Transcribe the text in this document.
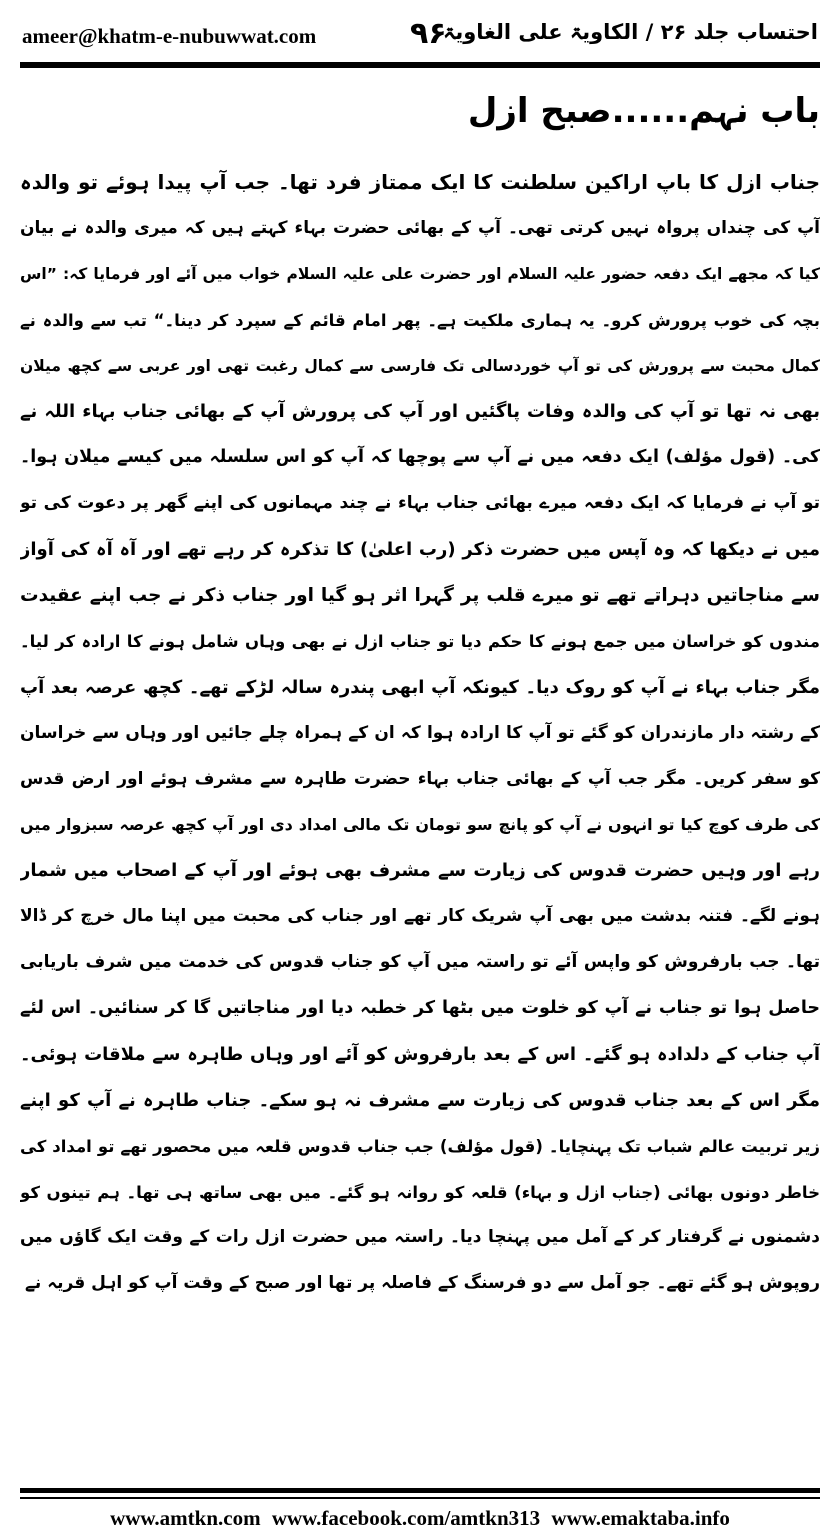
ameer@khatm-e-nubuwwat.com	۹۶
احتساب جلد ۲۶ / الکاویۃ علی الغاویۃ
باب نہم......صبح ازل
جناب ازل کا باپ اراکین سلطنت کا ایک ممتاز فرد تھا۔ جب آپ پیدا ہوئے تو والدہ
آپ کی چنداں پرواہ نہیں کرتی تھی۔ آپ کے بھائی حضرت بہاء کہتے ہیں کہ میری والدہ نے بیان
کیا کہ مجھے ایک دفعہ حضور علیہ السلام اور حضرت علی علیہ السلام خواب میں آئے اور فرمایا کہ: ”اس
بچہ کی خوب پرورش کرو۔ یہ ہماری ملکیت ہے۔ پھر امام قائم کے سپرد کر دینا۔“ تب سے والدہ نے
کمال محبت سے پرورش کی تو آپ خوردسالی تک فارسی سے کمال رغبت تھی اور عربی سے کچھ میلان
بھی نہ تھا تو آپ کی والدہ وفات پاگئیں اور آپ کی پرورش آپ کے بھائی جناب بہاء اللہ نے
کی۔ (قول مؤلف) ایک دفعہ میں نے آپ سے پوچھا کہ آپ کو اس سلسلہ میں کیسے میلان ہوا۔
تو آپ نے فرمایا کہ ایک دفعہ میرے بھائی جناب بہاء نے چند مہمانوں کی اپنے گھر پر دعوت کی تو
میں نے دیکھا کہ وہ آپس میں حضرت ذکر (رب اعلیٰ) کا تذکرہ کر رہے تھے اور آہ آہ کی آواز
سے مناجاتیں دہراتے تھے تو میرے قلب پر گہرا اثر ہو گیا اور جناب ذکر نے جب اپنے عقیدت
مندوں کو خراسان میں جمع ہونے کا حکم دیا تو جناب ازل نے بھی وہاں شامل ہونے کا ارادہ کر لیا۔
مگر جناب بہاء نے آپ کو روک دیا۔ کیونکہ آپ ابھی پندرہ سالہ لڑکے تھے۔ کچھ عرصہ بعد آپ
کے رشتہ دار مازندران کو گئے تو آپ کا ارادہ ہوا کہ ان کے ہمراہ چلے جائیں اور وہاں سے خراسان
کو سفر کریں۔ مگر جب آپ کے بھائی جناب بہاء حضرت طاہرہ سے مشرف ہوئے اور ارض قدس
کی طرف کوچ کیا تو انہوں نے آپ کو پانچ سو تومان تک مالی امداد دی اور آپ کچھ عرصہ سبزوار میں
رہے اور وہیں حضرت قدوس کی زیارت سے مشرف بھی ہوئے اور آپ کے اصحاب میں شمار
ہونے لگے۔ فتنہ بدشت میں بھی آپ شریک کار تھے اور جناب کی محبت میں اپنا مال خرچ کر ڈالا
تھا۔ جب بارفروش کو واپس آئے تو راستہ میں آپ کو جناب قدوس کی خدمت میں شرف باریابی
حاصل ہوا تو جناب نے آپ کو خلوت میں بٹھا کر خطبہ دیا اور مناجاتیں گا کر سنائیں۔ اس لئے
آپ جناب کے دلدادہ ہو گئے۔ اس کے بعد بارفروش کو آئے اور وہاں طاہرہ سے ملاقات ہوئی۔
مگر اس کے بعد جناب قدوس کی زیارت سے مشرف نہ ہو سکے۔ جناب طاہرہ نے آپ کو اپنے
زیر تربیت عالم شباب تک پہنچایا۔ (قول مؤلف) جب جناب قدوس قلعہ میں محصور تھے تو امداد کی
خاطر دونوں بھائی (جناب ازل و بہاء) قلعہ کو روانہ ہو گئے۔ میں بھی ساتھ ہی تھا۔ ہم تینوں کو
دشمنوں نے گرفتار کر کے آمل میں پہنچا دیا۔ راستہ میں حضرت ازل رات کے وقت ایک گاؤں میں
روپوش ہو گئے تھے۔ جو آمل سے دو فرسنگ کے فاصلہ پر تھا اور صبح کے وقت آپ کو اہل قریہ نے
www.amtkn.com www.facebook.com/amtkn313 www.emaktaba.info
